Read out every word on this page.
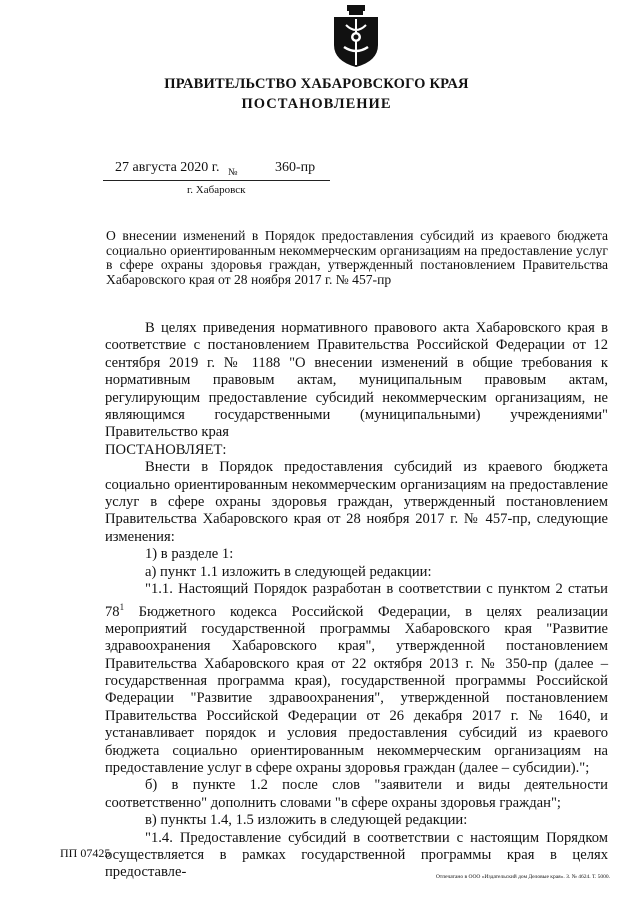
ПРАВИТЕЛЬСТВО ХАБАРОВСКОГО КРАЯ
ПОСТАНОВЛЕНИЕ
27 августа 2020 г. №	360-пр
г. Хабаровск
О внесении изменений в Порядок предоставления субсидий из краевого бюджета социально ориентированным некоммерческим организациям на предоставление услуг в сфере охраны здоровья граждан, утвержденный постановлением Правительства Хабаровского края от 28 ноября 2017 г. № 457-пр

В целях приведения нормативного правового акта Хабаровского края в соответствие с постановлением Правительства Российской Федерации от 12 сентября 2019 г. № 1188 "О внесении изменений в общие требования к нормативным правовым актам, муниципальным правовым актам, регулирующим предоставление субсидий некоммерческим организациям, не являющимся государственными (муниципальными) учреждениями" Правительство края

ПОСТАНОВЛЯЕТ:

Внести в Порядок предоставления субсидий из краевого бюджета социально ориентированным некоммерческим организациям на предоставление услуг в сфере охраны здоровья граждан, утвержденный постановлением Правительства Хабаровского края от 28 ноября 2017 г. № 457-пр, следующие изменения:

1) в разделе 1:

а) пункт 1.1 изложить в следующей редакции:

"1.1. Настоящий Порядок разработан в соответствии с пунктом 2 статьи $78^1$ Бюджетного кодекса Российской Федерации, в целях реализации мероприятий государственной программы Хабаровского края "Развитие здравоохранения Хабаровского края", утвержденной постановлением Правительства Хабаровского края от 22 октября 2013 г. № 350-пр (далее – государственная программа края), государственной программы Российской Федерации "Развитие здравоохранения", утвержденной постановлением Правительства Российской Федерации от 26 декабря 2017 г. № 1640, и устанавливает порядок и условия предоставления субсидий из краевого бюджета социально ориентированным некоммерческим организациям на предоставление услуг в сфере охраны здоровья граждан (далее – субсидии).";

б) в пункте 1.2 после слов "заявители и виды деятельности соответственно" дополнить словами "в сфере охраны здоровья граждан";

в) пункты 1.4, 1.5 изложить в следующей редакции:

"1.4. Предоставление субсидий в соответствии с настоящим Порядком осуществляется в рамках государственной программы края в целях предоставле-

ПП 07425
Отпечатано в ООО «Издательский дом Деловые края». З. № 4624. Т. 5000.
